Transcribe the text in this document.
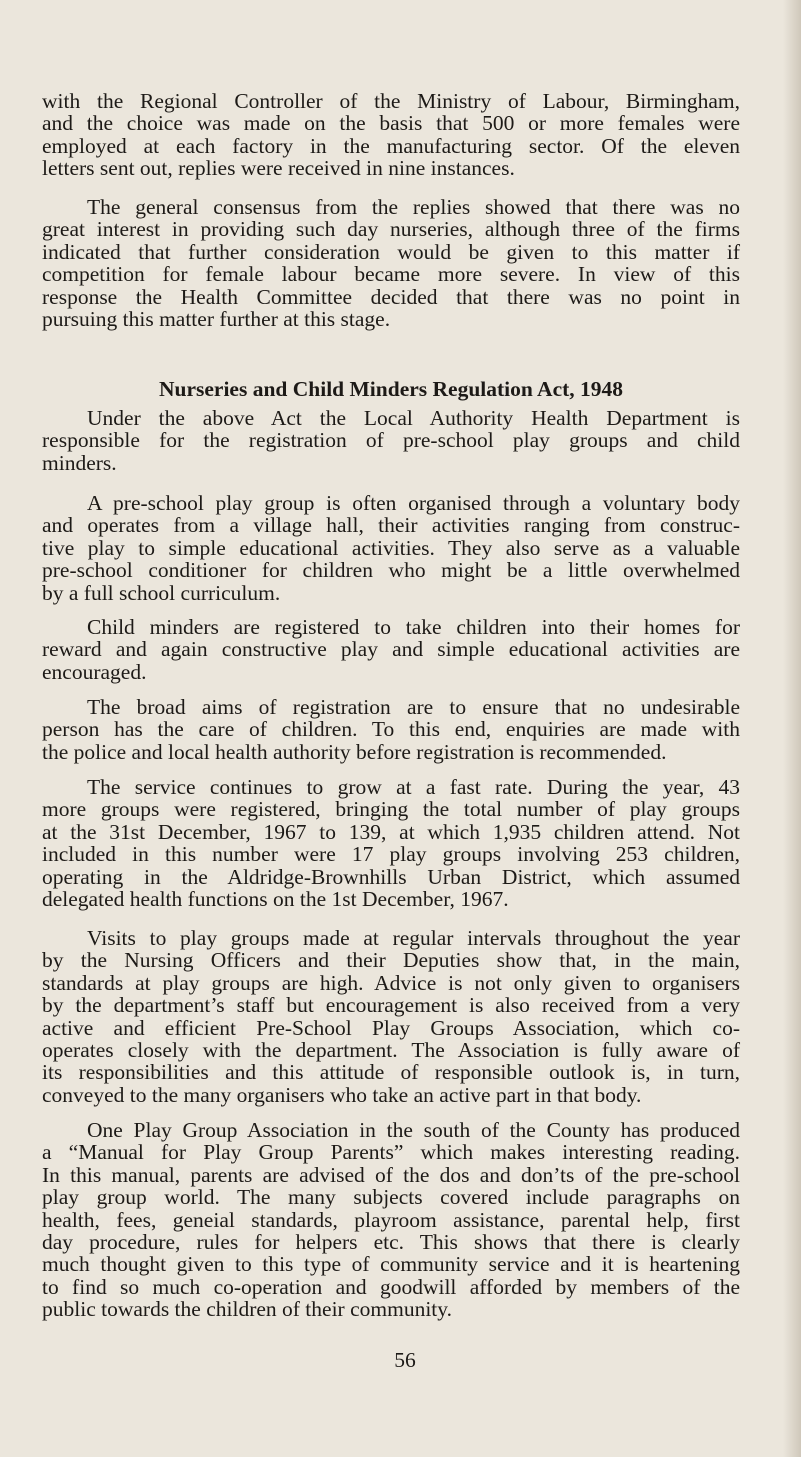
with the Regional Controller of the Ministry of Labour, Birmingham,
and the choice was made on the basis that 500 or more females were
employed at each factory in the manufacturing sector. Of the eleven
letters sent out, replies were received in nine instances.
The general consensus from the replies showed that there was no
great interest in providing such day nurseries, although three of the firms
indicated that further consideration would be given to this matter if
competition for female labour became more severe. In view of this
response the Health Committee decided that there was no point in
pursuing this matter further at this stage.
Under the above Act the Local Authority Health Department is
responsible for the registration of pre-school play groups and child
minders.
A pre-school play group is often organised through a voluntary body
and operates from a village hall, their activities ranging from construc-
tive play to simple educational activities. They also serve as a valuable
pre-school conditioner for children who might be a little overwhelmed
by a full school curriculum.
Child minders are registered to take children into their homes for
reward and again constructive play and simple educational activities are
encouraged.
The broad aims of registration are to ensure that no undesirable
person has the care of children. To this end, enquiries are made with
the police and local health authority before registration is recommended.
The service continues to grow at a fast rate. During the year, 43
more groups were registered, bringing the total number of play groups
at the 31st December, 1967 to 139, at which 1,935 children attend. Not
included in this number were 17 play groups involving 253 children,
operating in the Aldridge-Brownhills Urban District, which assumed
delegated health functions on the 1st December, 1967.
Visits to play groups made at regular intervals throughout the year
by the Nursing Officers and their Deputies show that, in the main,
standards at play groups are high. Advice is not only given to organisers
by the department’s staff but encouragement is also received from a very
active and efficient Pre-School Play Groups Association, which co-
operates closely with the department. The Association is fully aware of
its responsibilities and this attitude of responsible outlook is, in turn,
conveyed to the many organisers who take an active part in that body.
One Play Group Association in the south of the County has produced
a “Manual for Play Group Parents” which makes interesting reading.
In this manual, parents are advised of the dos and don’ts of the pre-school
play group world. The many subjects covered include paragraphs on
health, fees, geneial standards, playroom assistance, parental help, first
day procedure, rules for helpers etc. This shows that there is clearly
much thought given to this type of community service and it is heartening
to find so much co-operation and goodwill afforded by members of the
public towards the children of their community.
Nurseries and Child Minders Regulation Act, 1948
56
